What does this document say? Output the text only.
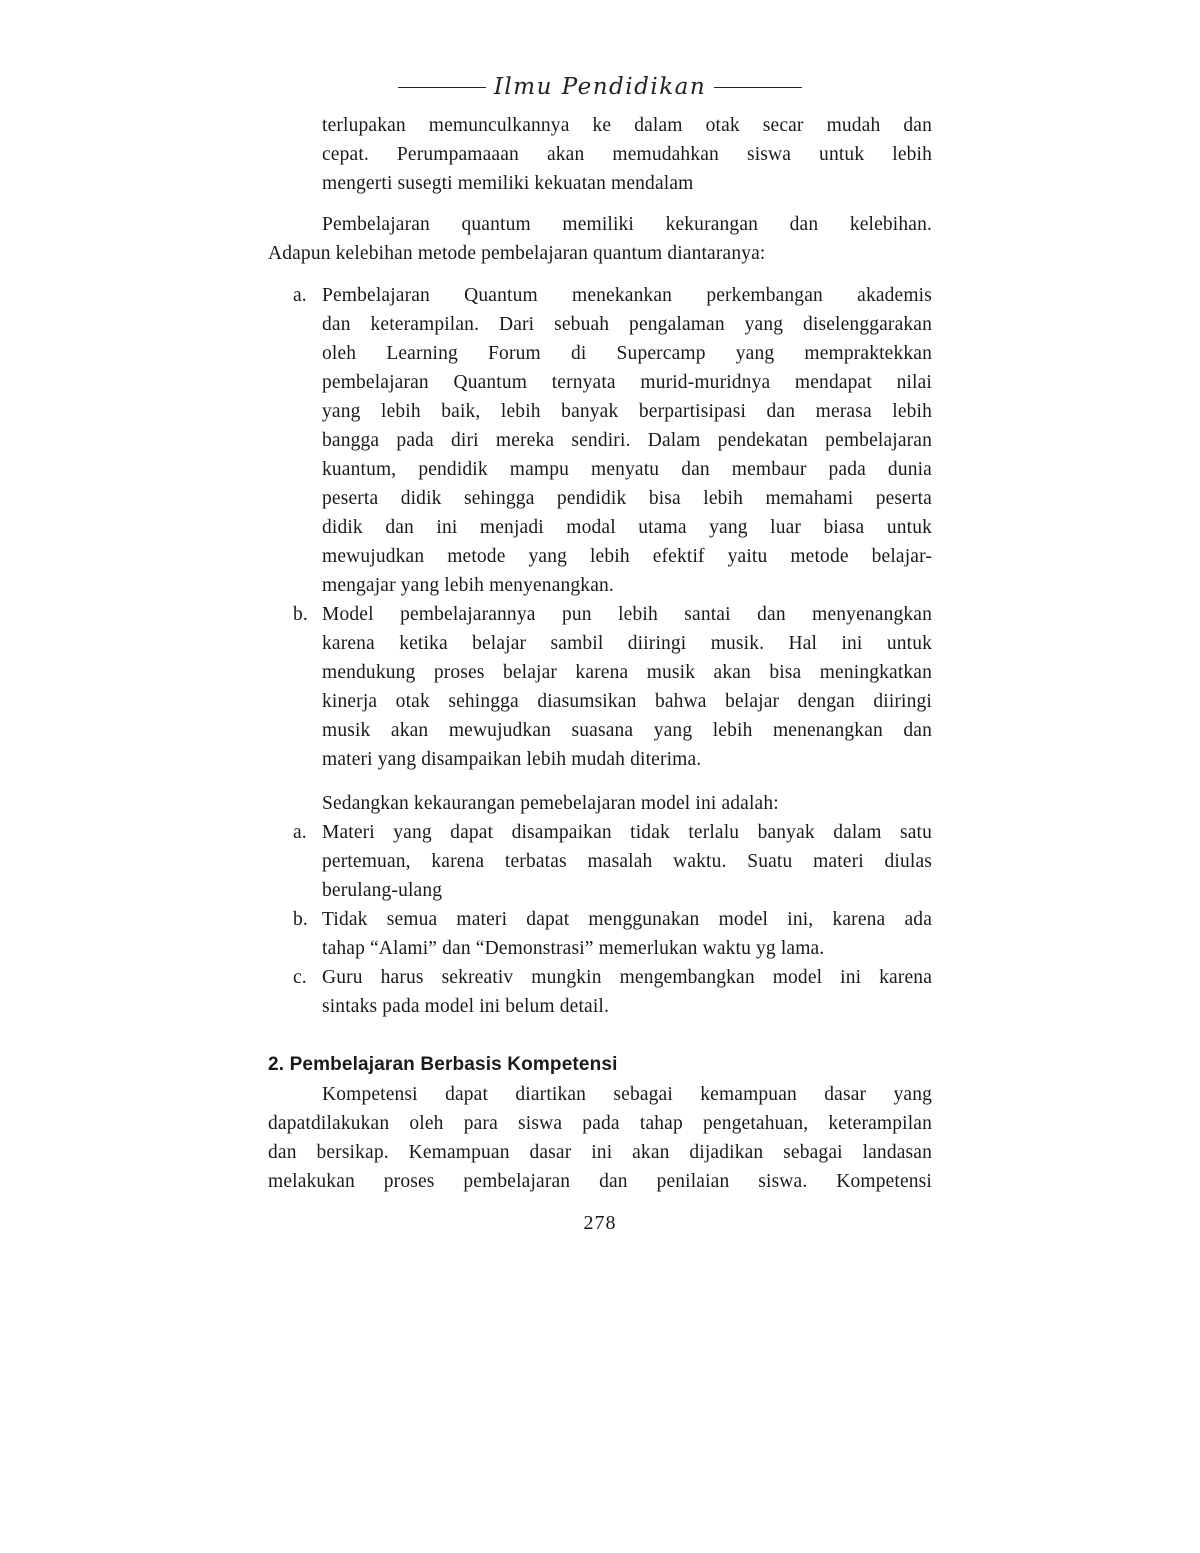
Ilmu Pendidikan
terlupakan memunculkannya ke dalam otak secar mudah dan
cepat. Perumpamaaan akan memudahkan siswa untuk lebih
mengerti susegti memiliki kekuatan mendalam
Pembelajaran quantum memiliki kekurangan dan kelebihan.
Adapun kelebihan metode pembelajaran quantum diantaranya:
a. Pembelajaran Quantum menekankan perkembangan akademis
dan keterampilan. Dari sebuah pengalaman yang diselenggarakan
oleh Learning Forum di Supercamp yang mempraktekkan
pembelajaran Quantum ternyata murid-muridnya mendapat nilai
yang lebih baik, lebih banyak berpartisipasi dan merasa lebih
bangga pada diri mereka sendiri. Dalam pendekatan pembelajaran
kuantum, pendidik mampu menyatu dan membaur pada dunia
peserta didik sehingga pendidik bisa lebih memahami peserta
didik dan ini menjadi modal utama yang luar biasa untuk
mewujudkan metode yang lebih efektif yaitu metode belajar-
mengajar yang lebih menyenangkan.
b. Model pembelajarannya pun lebih santai dan menyenangkan
karena ketika belajar sambil diiringi musik. Hal ini untuk
mendukung proses belajar karena musik akan bisa meningkatkan
kinerja otak sehingga diasumsikan bahwa belajar dengan diiringi
musik akan mewujudkan suasana yang lebih menenangkan dan
materi yang disampaikan lebih mudah diterima.
Sedangkan kekaurangan pemebelajaran model ini adalah:
a. Materi yang dapat disampaikan tidak terlalu banyak dalam satu
pertemuan, karena terbatas masalah waktu. Suatu materi diulas
berulang-ulang
b. Tidak semua materi dapat menggunakan model ini, karena ada
tahap “Alami” dan “Demonstrasi” memerlukan waktu yg lama.
c. Guru harus sekreativ mungkin mengembangkan model ini karena
sintaks pada model ini belum detail.
2. Pembelajaran Berbasis Kompetensi
Kompetensi dapat diartikan sebagai kemampuan dasar yang
dapatdilakukan oleh para siswa pada tahap pengetahuan, keterampilan
dan bersikap. Kemampuan dasar ini akan dijadikan sebagai landasan
melakukan proses pembelajaran dan penilaian siswa. Kompetensi
278
